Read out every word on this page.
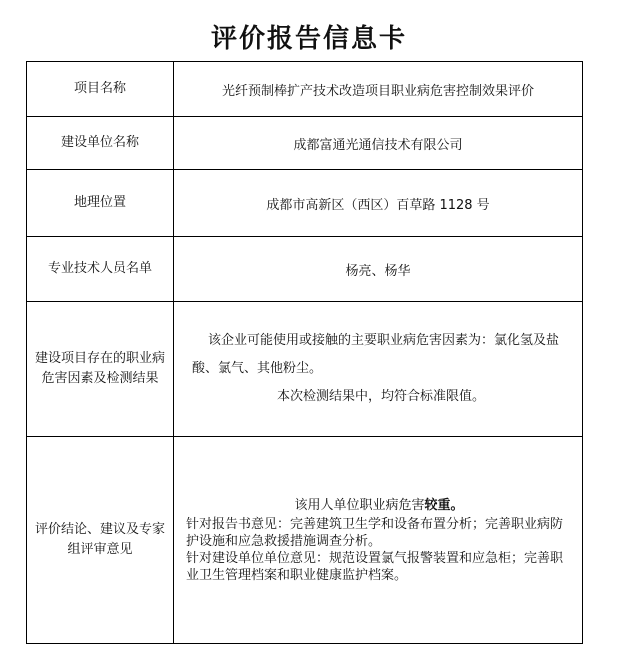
评价报告信息卡
项目名称	光纤预制棒扩产技术改造项目职业病危害控制效果评价
建设单位名称	成都富通光通信技术有限公司
地理位置	成都市高新区（西区）百草路 1128 号
专业技术人员名单	杨亮、杨华
建设项目存在的职业病危害因素及检测结果	该企业可能使用或接触的主要职业病危害因素为：氯化氢及盐酸、氯气、其他粉尘。

本次检测结果中，均符合标准限值。

评价结论、建议及专家组评审意见	该用人单位职业病危害较重。

针对报告书意见：完善建筑卫生学和设备布置分析；完善职业病防护设施和应急救援措施调查分析。

针对建设单位单位意见：规范设置氯气报警装置和应急柜；完善职业卫生管理档案和职业健康监护档案。
